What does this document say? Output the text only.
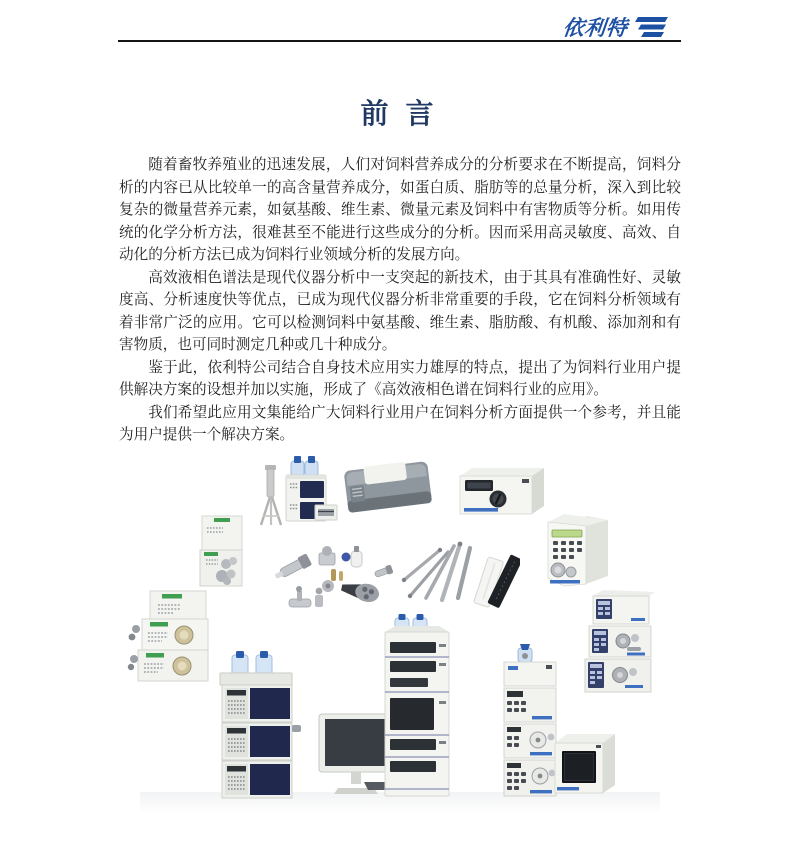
依利特
前 言

随着畜牧养殖业的迅速发展，人们对饲料营养成分的分析要求在不断提高，饲料分析的内容已从比较单一的高含量营养成分，如蛋白质、脂肪等的总量分析，深入到比较复杂的微量营养元素，如氨基酸、维生素、微量元素及饲料中有害物质等分析。如用传统的化学分析方法，很难甚至不能进行这些成分的分析。因而采用高灵敏度、高效、自动化的分析方法已成为饲料行业领域分析的发展方向。

高效液相色谱法是现代仪器分析中一支突起的新技术，由于其具有准确性好、灵敏度高、分析速度快等优点，已成为现代仪器分析非常重要的手段，它在饲料分析领域有着非常广泛的应用。它可以检测饲料中氨基酸、维生素、脂肪酸、有机酸、添加剂和有害物质，也可同时测定几种或几十种成分。

鉴于此，依利特公司结合自身技术应用实力雄厚的特点，提出了为饲料行业用户提供解决方案的设想并加以实施，形成了《高效液相色谱在饲料行业的应用》。

我们希望此应用文集能给广大饲料行业用户在饲料分析方面提供一个参考，并且能为用户提供一个解决方案。
